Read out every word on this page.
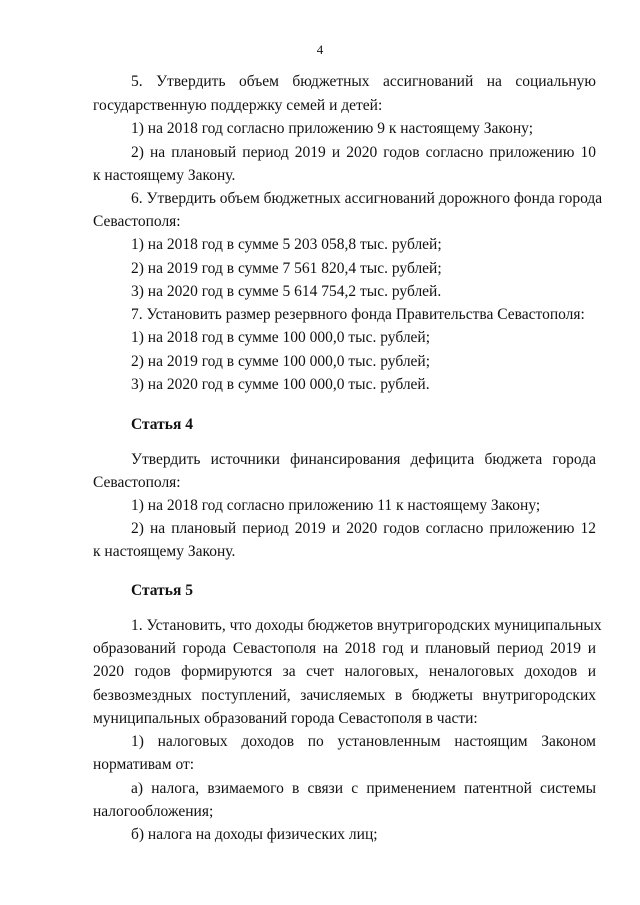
4
5. Утвердить объем бюджетных ассигнований на социальную
государственную поддержку семей и детей:
1) на 2018 год согласно приложению 9 к настоящему Закону;
2) на плановый период 2019 и 2020 годов согласно приложению 10
к настоящему Закону.
6. Утвердить объем бюджетных ассигнований дорожного фонда города
Севастополя:
1) на 2018 год в сумме 5 203 058,8 тыс. рублей;
2) на 2019 год в сумме 7 561 820,4 тыс. рублей;
3) на 2020 год в сумме 5 614 754,2 тыс. рублей.
7. Установить размер резервного фонда Правительства Севастополя:
1) на 2018 год в сумме 100 000,0 тыс. рублей;
2) на 2019 год в сумме 100 000,0 тыс. рублей;
3) на 2020 год в сумме 100 000,0 тыс. рублей.
Статья 4
Утвердить источники финансирования дефицита бюджета города
Севастополя:
1) на 2018 год согласно приложению 11 к настоящему Закону;
2) на плановый период 2019 и 2020 годов согласно приложению 12
к настоящему Закону.
Статья 5
1. Установить, что доходы бюджетов внутригородских муниципальных
образований города Севастополя на 2018 год и плановый период 2019 и
2020 годов формируются за счет налоговых, неналоговых доходов и
безвозмездных поступлений, зачисляемых в бюджеты внутригородских
муниципальных образований города Севастополя в части:
1) налоговых доходов по установленным настоящим Законом
нормативам от:
а) налога, взимаемого в связи с применением патентной системы
налогообложения;
б) налога на доходы физических лиц;
